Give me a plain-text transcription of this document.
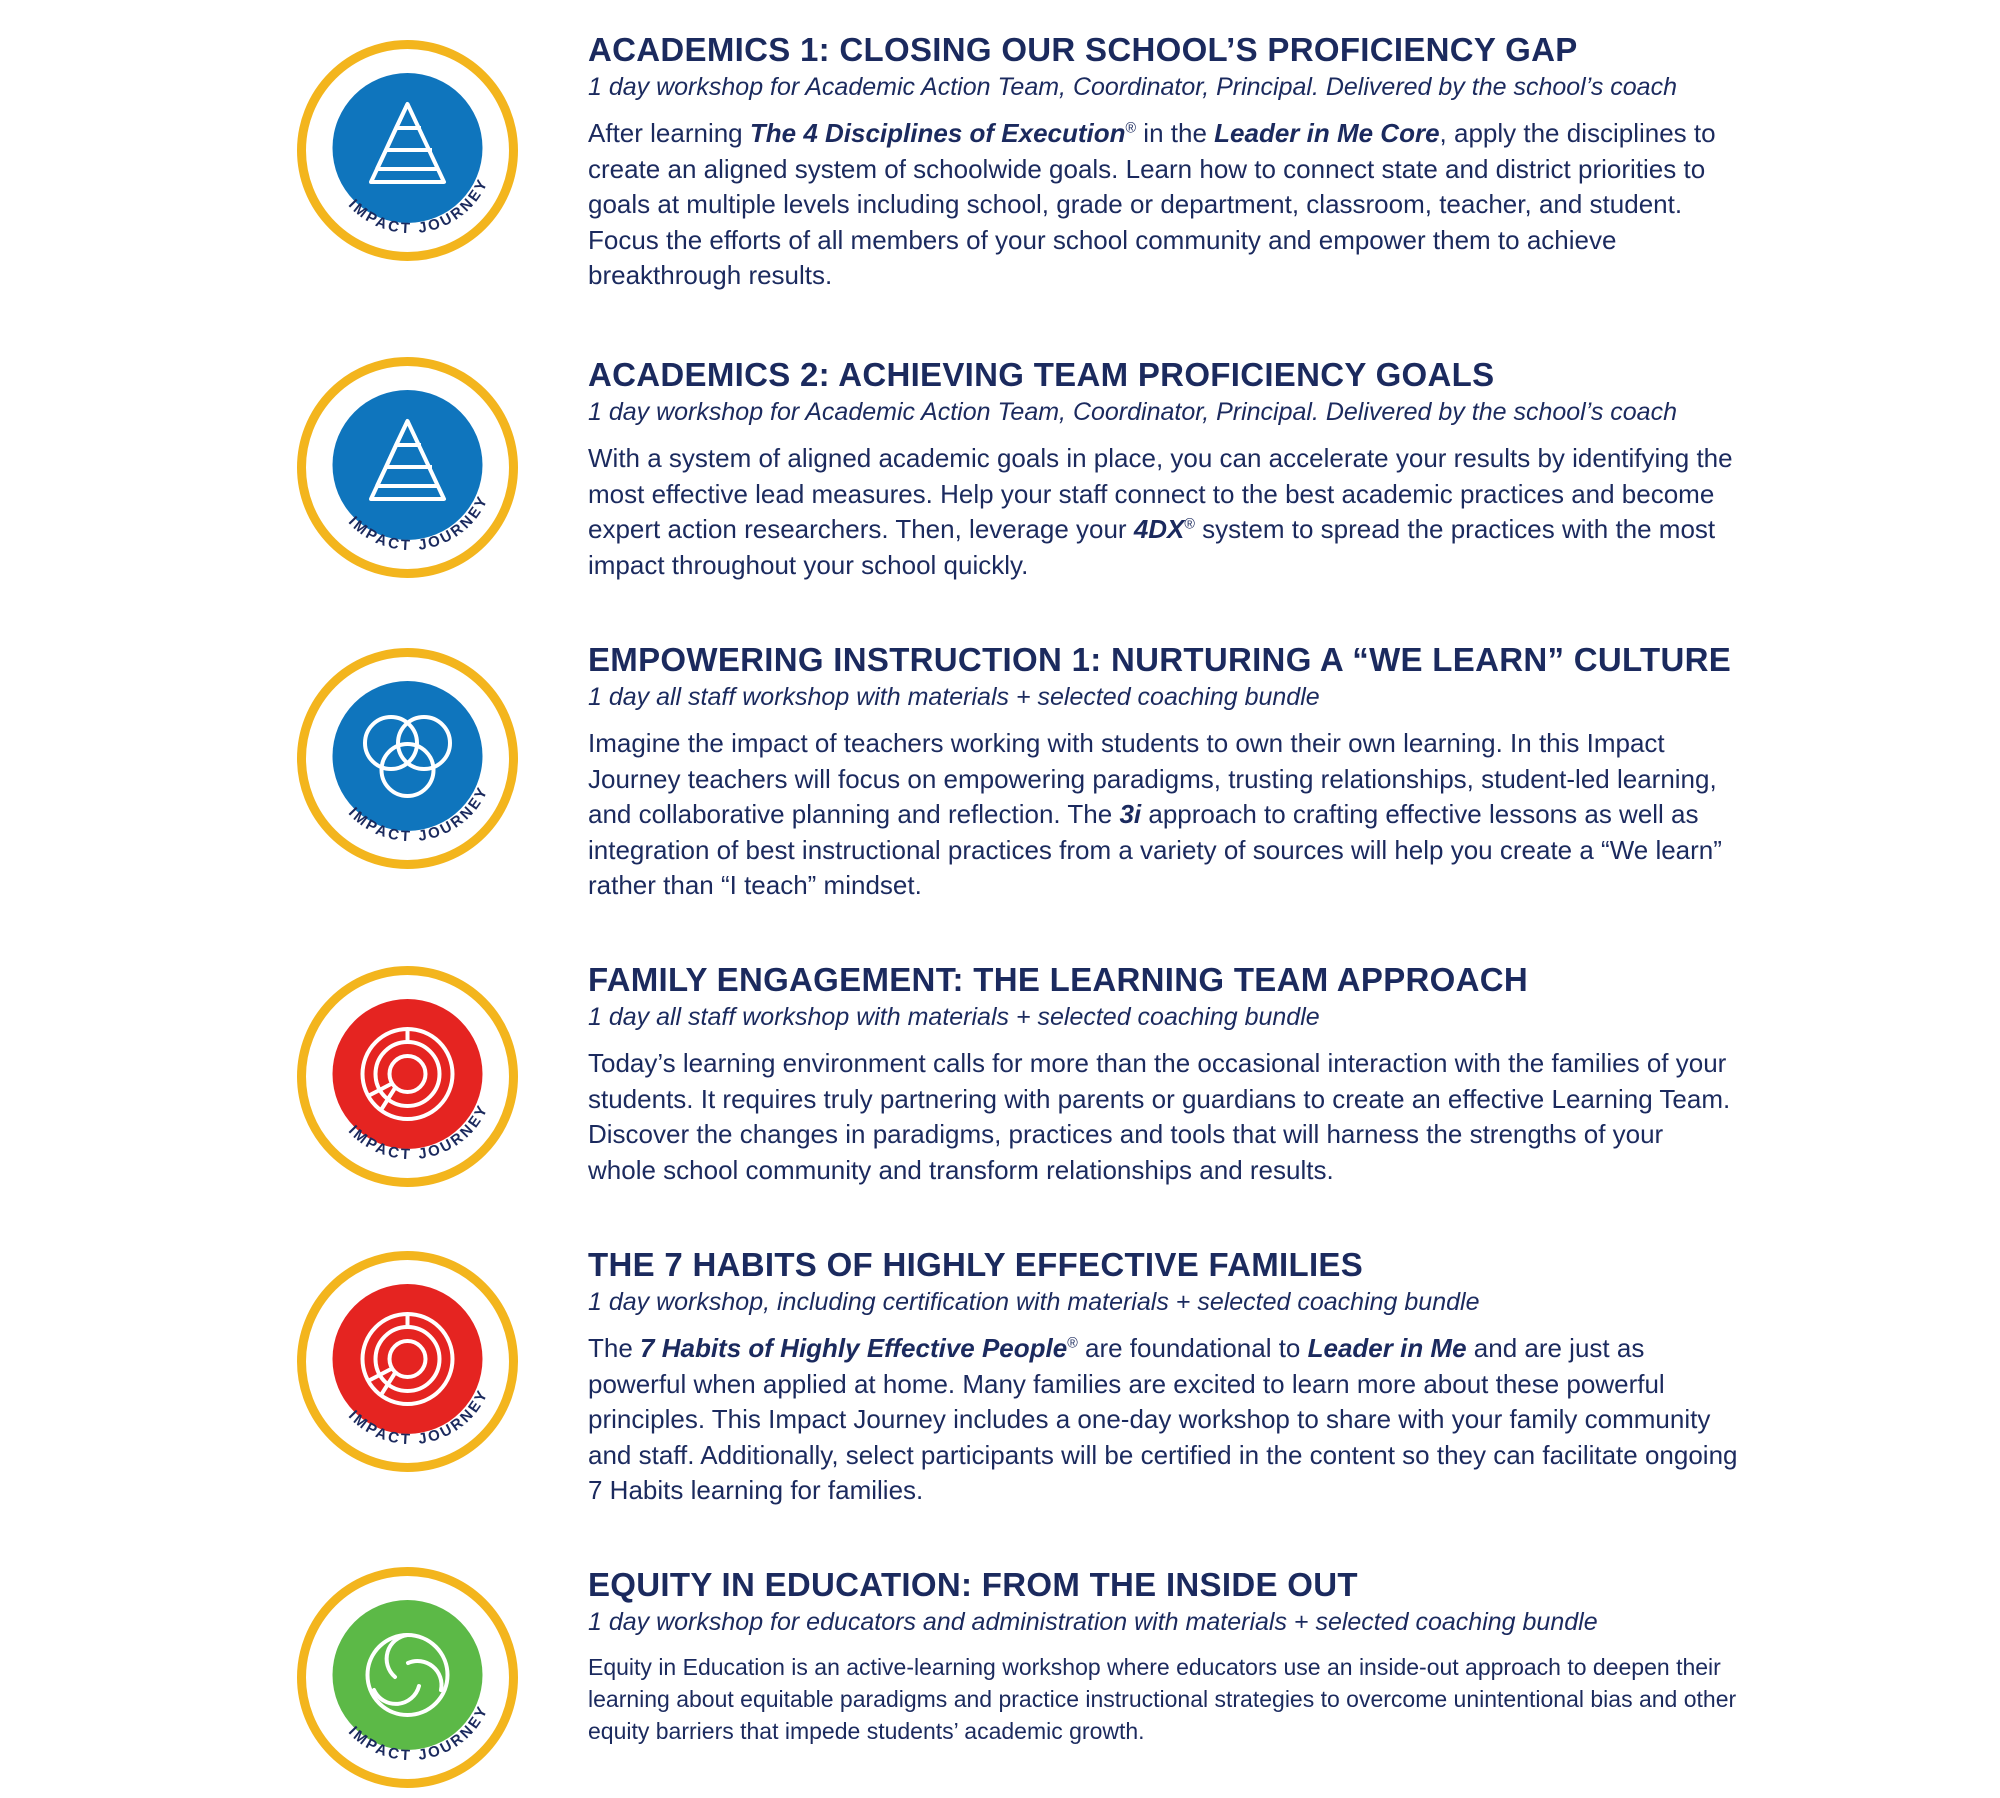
IMPACT JOURNEY
ACADEMICS 1: CLOSING OUR SCHOOL’S PROFICIENCY GAP
1 day workshop for Academic Action Team, Coordinator, Principal. Delivered by the school’s coach
After learning The 4 Disciplines of Execution® in the Leader in Me Core, apply the disciplines to create an aligned system of schoolwide goals. Learn how to connect state and district priorities to goals at multiple levels including school, grade or department, classroom, teacher, and student. Focus the efforts of all members of your school community and empower them to achieve breakthrough results.
IMPACT JOURNEY
ACADEMICS 2: ACHIEVING TEAM PROFICIENCY GOALS
1 day workshop for Academic Action Team, Coordinator, Principal. Delivered by the school’s coach
With a system of aligned academic goals in place, you can accelerate your results by identifying the most effective lead measures. Help your staff connect to the best academic practices and become expert action researchers. Then, leverage your 4DX® system to spread the practices with the most impact throughout your school quickly.
IMPACT JOURNEY
EMPOWERING INSTRUCTION 1: NURTURING A “WE LEARN” CULTURE
1 day all staff workshop with materials + selected coaching bundle
Imagine the impact of teachers working with students to own their own learning. In this Impact Journey teachers will focus on empowering paradigms, trusting relationships, student-led learning, and collaborative planning and reflection. The 3i approach to crafting effective lessons as well as integration of best instructional practices from a variety of sources will help you create a “We learn” rather than “I teach” mindset.
IMPACT JOURNEY
FAMILY ENGAGEMENT: THE LEARNING TEAM APPROACH
1 day all staff workshop with materials + selected coaching bundle
Today’s learning environment calls for more than the occasional interaction with the families of your students. It requires truly partnering with parents or guardians to create an effective Learning Team. Discover the changes in paradigms, practices and tools that will harness the strengths of your whole school community and transform relationships and results.
IMPACT JOURNEY
THE 7 HABITS OF HIGHLY EFFECTIVE FAMILIES
1 day workshop, including certification with materials + selected coaching bundle
The 7 Habits of Highly Effective People® are foundational to Leader in Me and are just as powerful when applied at home. Many families are excited to learn more about these powerful principles. This Impact Journey includes a one-day workshop to share with your family community and staff. Additionally, select participants will be certified in the content so they can facilitate ongoing 7 Habits learning for families.
IMPACT JOURNEY
EQUITY IN EDUCATION: FROM THE INSIDE OUT
1 day workshop for educators and administration with materials + selected coaching bundle
Equity in Education is an active-learning workshop where educators use an inside-out approach to deepen their learning about equitable paradigms and practice instructional strategies to overcome unintentional bias and other equity barriers that impede students’ academic growth.
